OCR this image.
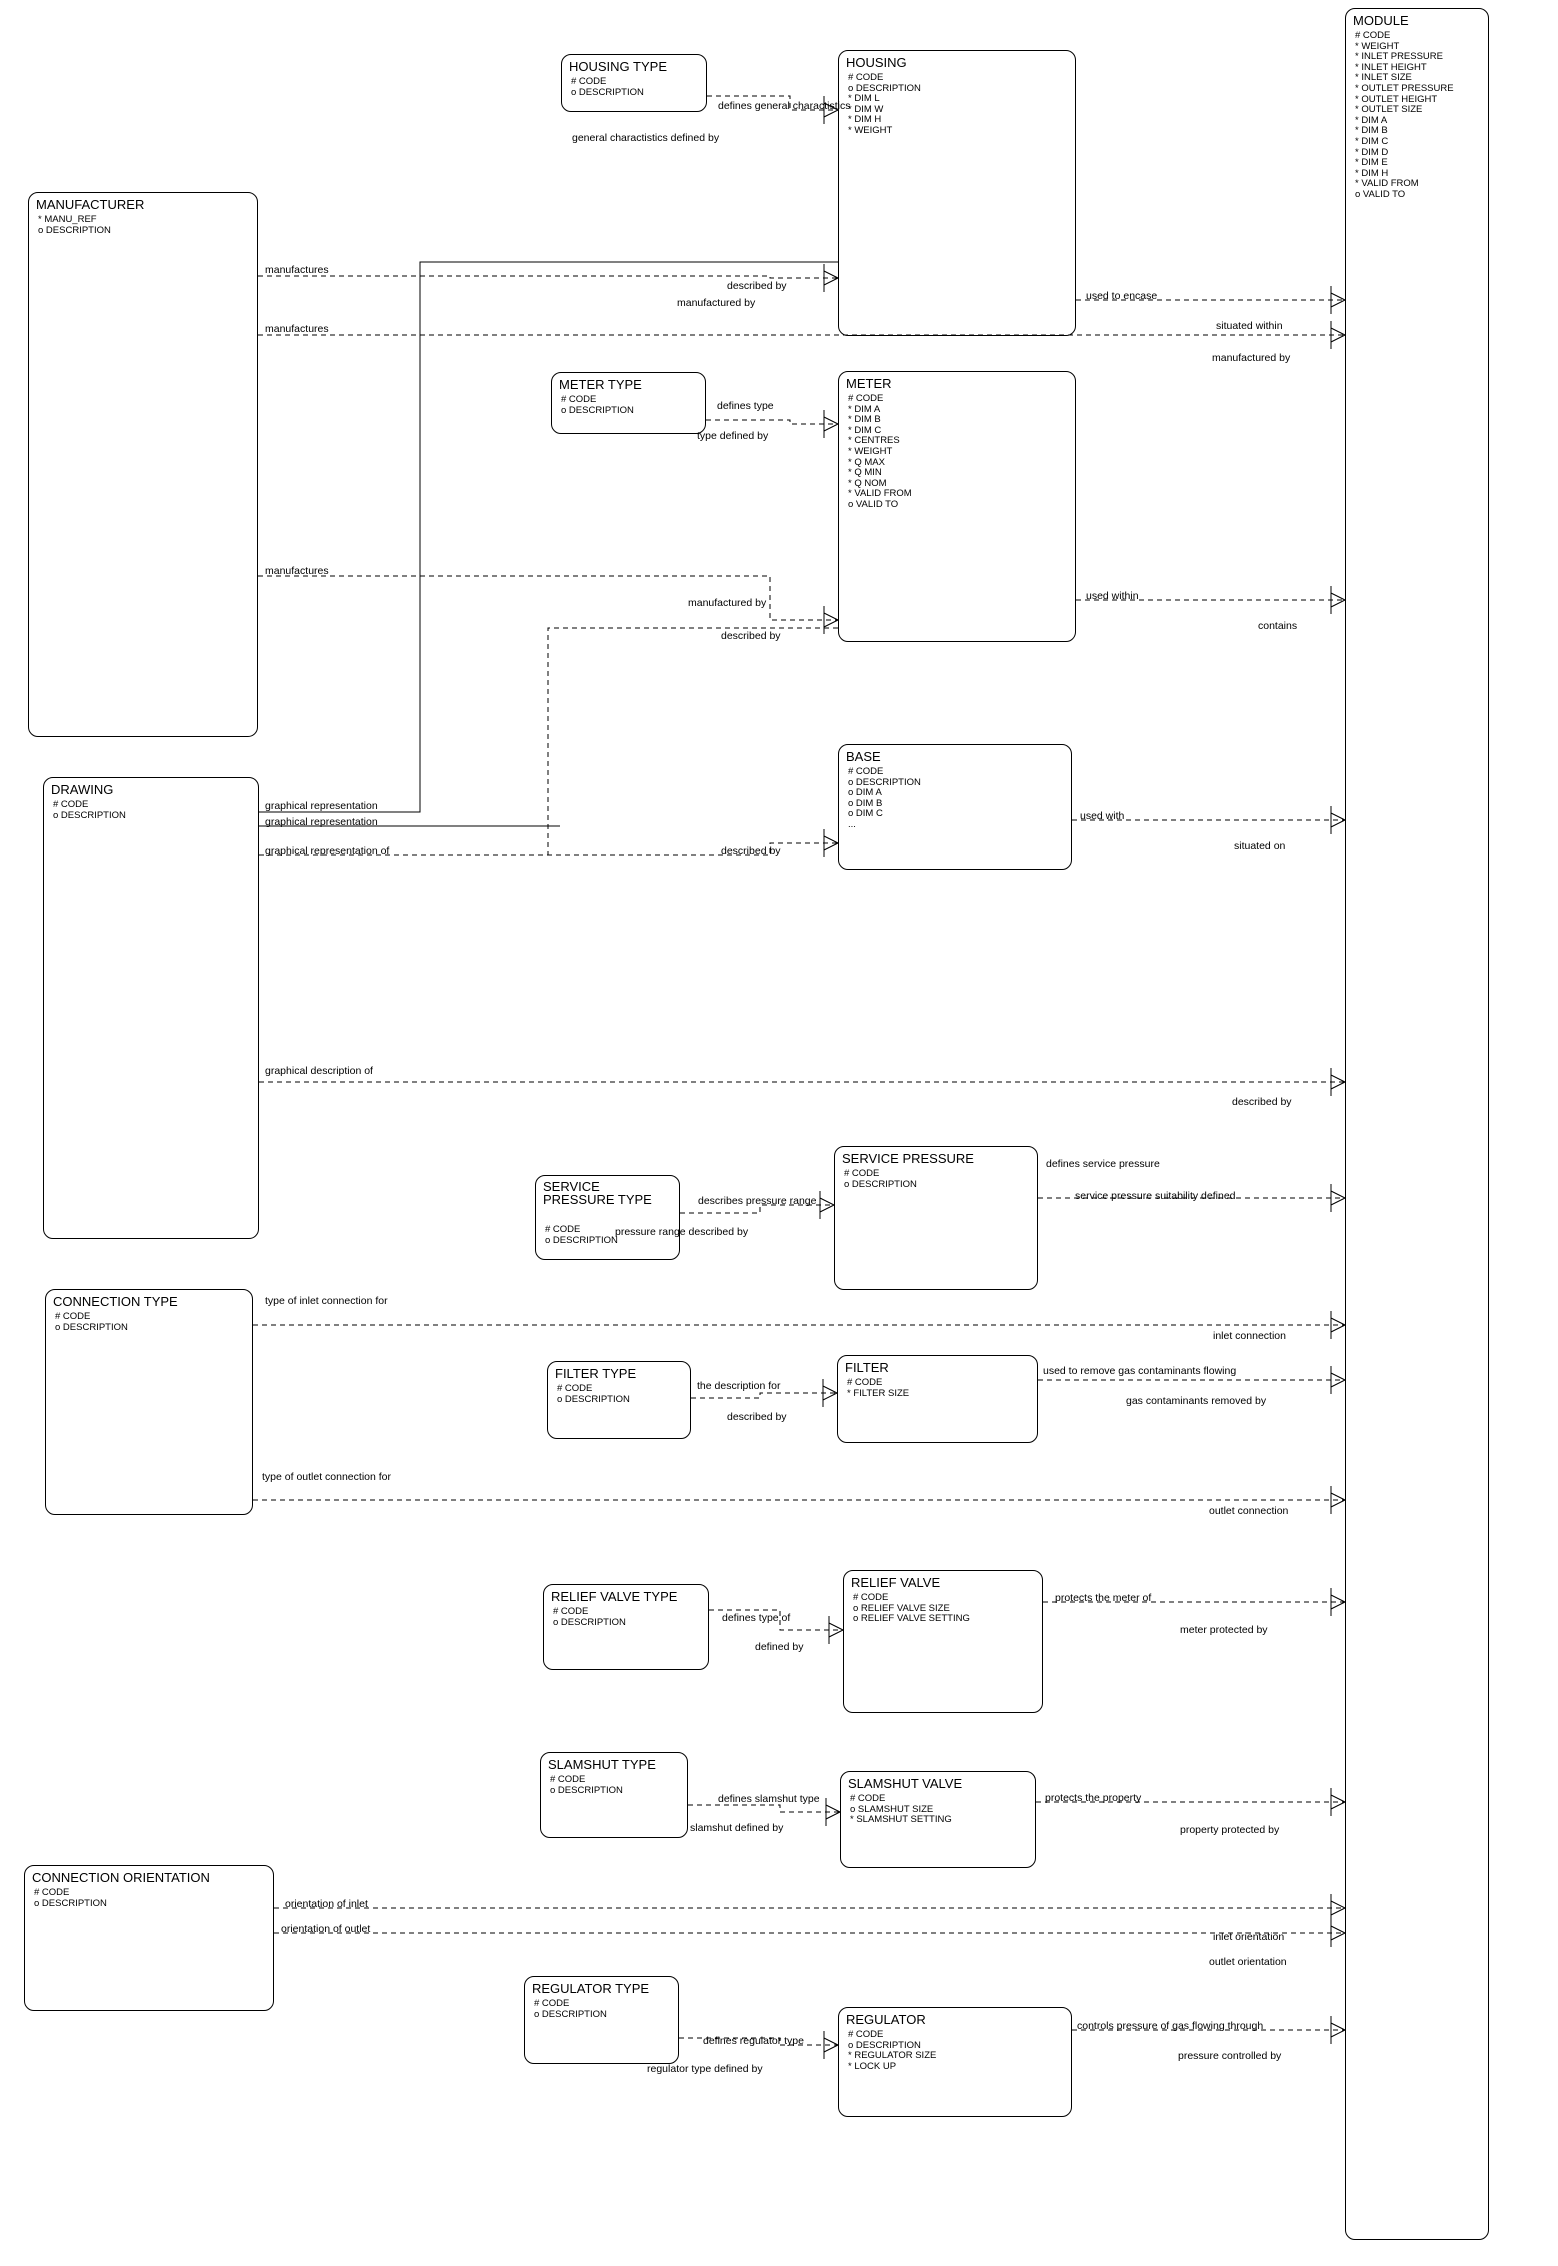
MODULE
# CODE
* WEIGHT
* INLET PRESSURE
* INLET HEIGHT
* INLET SIZE
* OUTLET PRESSURE
* OUTLET HEIGHT
* OUTLET SIZE
* DIM A
* DIM B
* DIM C
* DIM D
* DIM E
* DIM H
* VALID FROM
o VALID TO
HOUSING TYPE
# CODE
o DESCRIPTION
HOUSING
# CODE
o DESCRIPTION
* DIM L
* DIM W
* DIM H
* WEIGHT
MANUFACTURER
* MANU_REF
o DESCRIPTION
METER TYPE
# CODE
o DESCRIPTION
METER
# CODE
* DIM A
* DIM B
* DIM C
* CENTRES
* WEIGHT
* Q MAX
* Q MIN
* Q NOM
* VALID FROM
o VALID TO
BASE
# CODE
o DESCRIPTION
o DIM A
o DIM B
o DIM C
...
DRAWING
# CODE
o DESCRIPTION
SERVICE PRESSURE TYPE
# CODE
o DESCRIPTION
SERVICE PRESSURE
# CODE
o DESCRIPTION
CONNECTION TYPE
# CODE
o DESCRIPTION
FILTER TYPE
# CODE
o DESCRIPTION
FILTER
# CODE
* FILTER SIZE
RELIEF VALVE TYPE
# CODE
o DESCRIPTION
RELIEF VALVE
# CODE
o RELIEF VALVE SIZE
o RELIEF VALVE SETTING
SLAMSHUT TYPE
# CODE
o DESCRIPTION	SLAMSHUT VALVE
# CODE
o SLAMSHUT SIZE
* SLAMSHUT SETTING
CONNECTION ORIENTATION
# CODE
o DESCRIPTION
REGULATOR TYPE
# CODE
o DESCRIPTION	REGULATOR
# CODE
o DESCRIPTION
* REGULATOR SIZE
* LOCK UP
defines general charactistics
general charactistics defined by
manufactures
described by
manufactured by
used to encase
manufactures	situated within
manufactured by
defines type
type defined by
manufactures
manufactured by
used within
described by
contains
graphical representation
graphical representation
graphical representation of	described by
used with
situated on
graphical description of
described by
describes pressure range
pressure range described by
defines service pressure
service pressure suitability defined
type of inlet connection for
inlet connection
the description for
described by
used to remove gas contaminants flowing
gas contaminants removed by
type of outlet connection for
outlet connection
defines type of
defined by
protects the meter of
meter protected by
defines slamshut type
slamshut defined by
protects the property
property protected by
orientation of inlet
orientation of outlet
inlet orientation
outlet orientation
defines regulator type
regulator type defined by
controls pressure of gas flowing through
pressure controlled by
